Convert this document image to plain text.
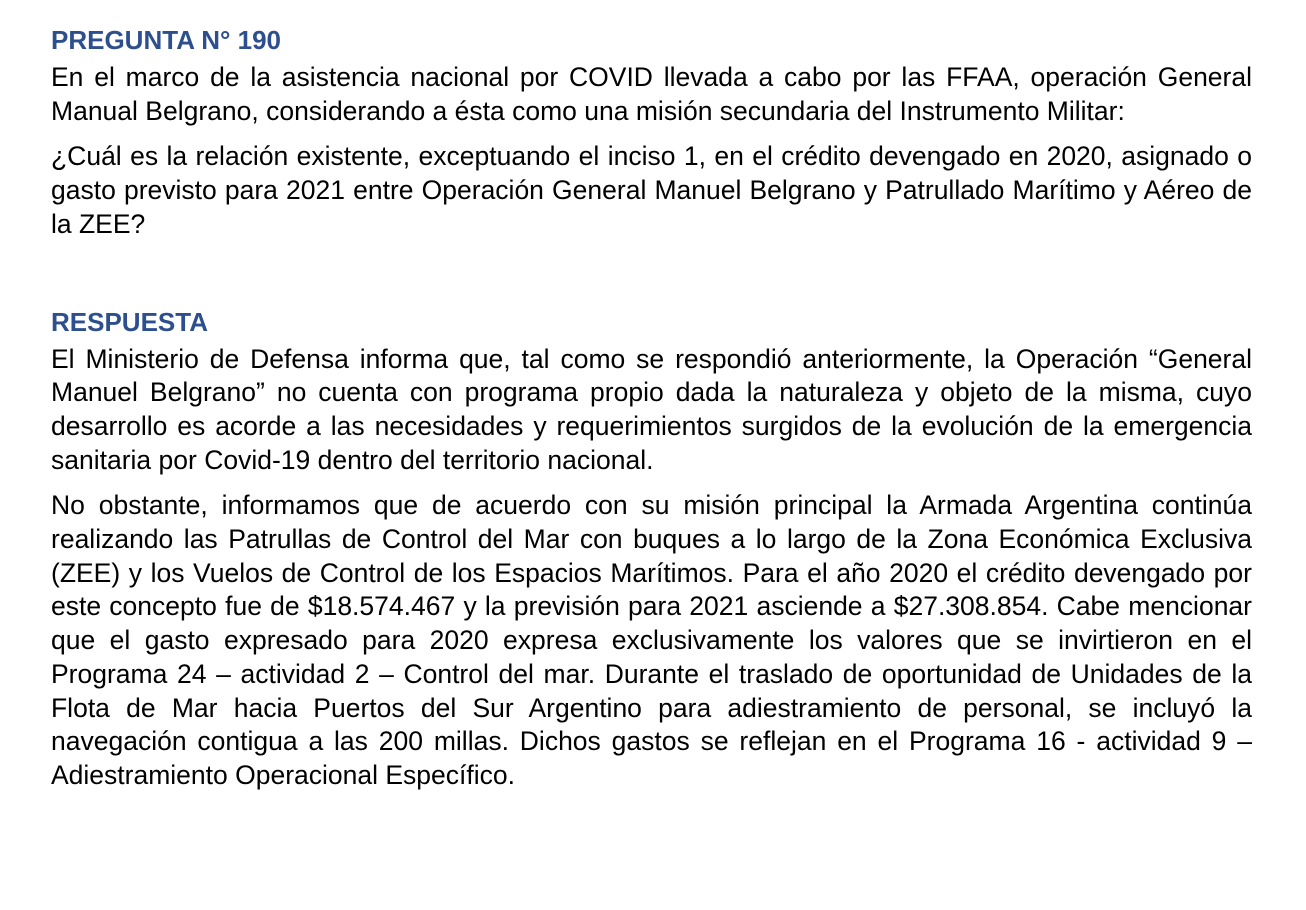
PREGUNTA N° 190

En el marco de la asistencia nacional por COVID llevada a cabo por las FFAA, operación General Manual Belgrano, considerando a ésta como una misión secundaria del Instrumento Militar:

¿Cuál es la relación existente, exceptuando el inciso 1, en el crédito devengado en 2020, asignado o gasto previsto para 2021 entre Operación General Manuel Belgrano y Patrullado Marítimo y Aéreo de la ZEE?

RESPUESTA

El Ministerio de Defensa informa que, tal como se respondió anteriormente, la Operación “General Manuel Belgrano” no cuenta con programa propio dada la naturaleza y objeto de la misma, cuyo desarrollo es acorde a las necesidades y requerimientos surgidos de la evolución de la emergencia sanitaria por Covid-19 dentro del territorio nacional.

No obstante, informamos que de acuerdo con su misión principal la Armada Argentina continúa realizando las Patrullas de Control del Mar con buques a lo largo de la Zona Económica Exclusiva (ZEE) y los Vuelos de Control de los Espacios Marítimos. Para el año 2020 el crédito devengado por este concepto fue de $18.574.467 y la previsión para 2021 asciende a $27.308.854. Cabe mencionar que el gasto expresado para 2020 expresa exclusivamente los valores que se invirtieron en el Programa 24 – actividad 2 – Control del mar. Durante el traslado de oportunidad de Unidades de la Flota de Mar hacia Puertos del Sur Argentino para adiestramiento de personal, se incluyó la navegación contigua a las 200 millas. Dichos gastos se reflejan en el Programa 16 - actividad 9 – Adiestramiento Operacional Específico.
